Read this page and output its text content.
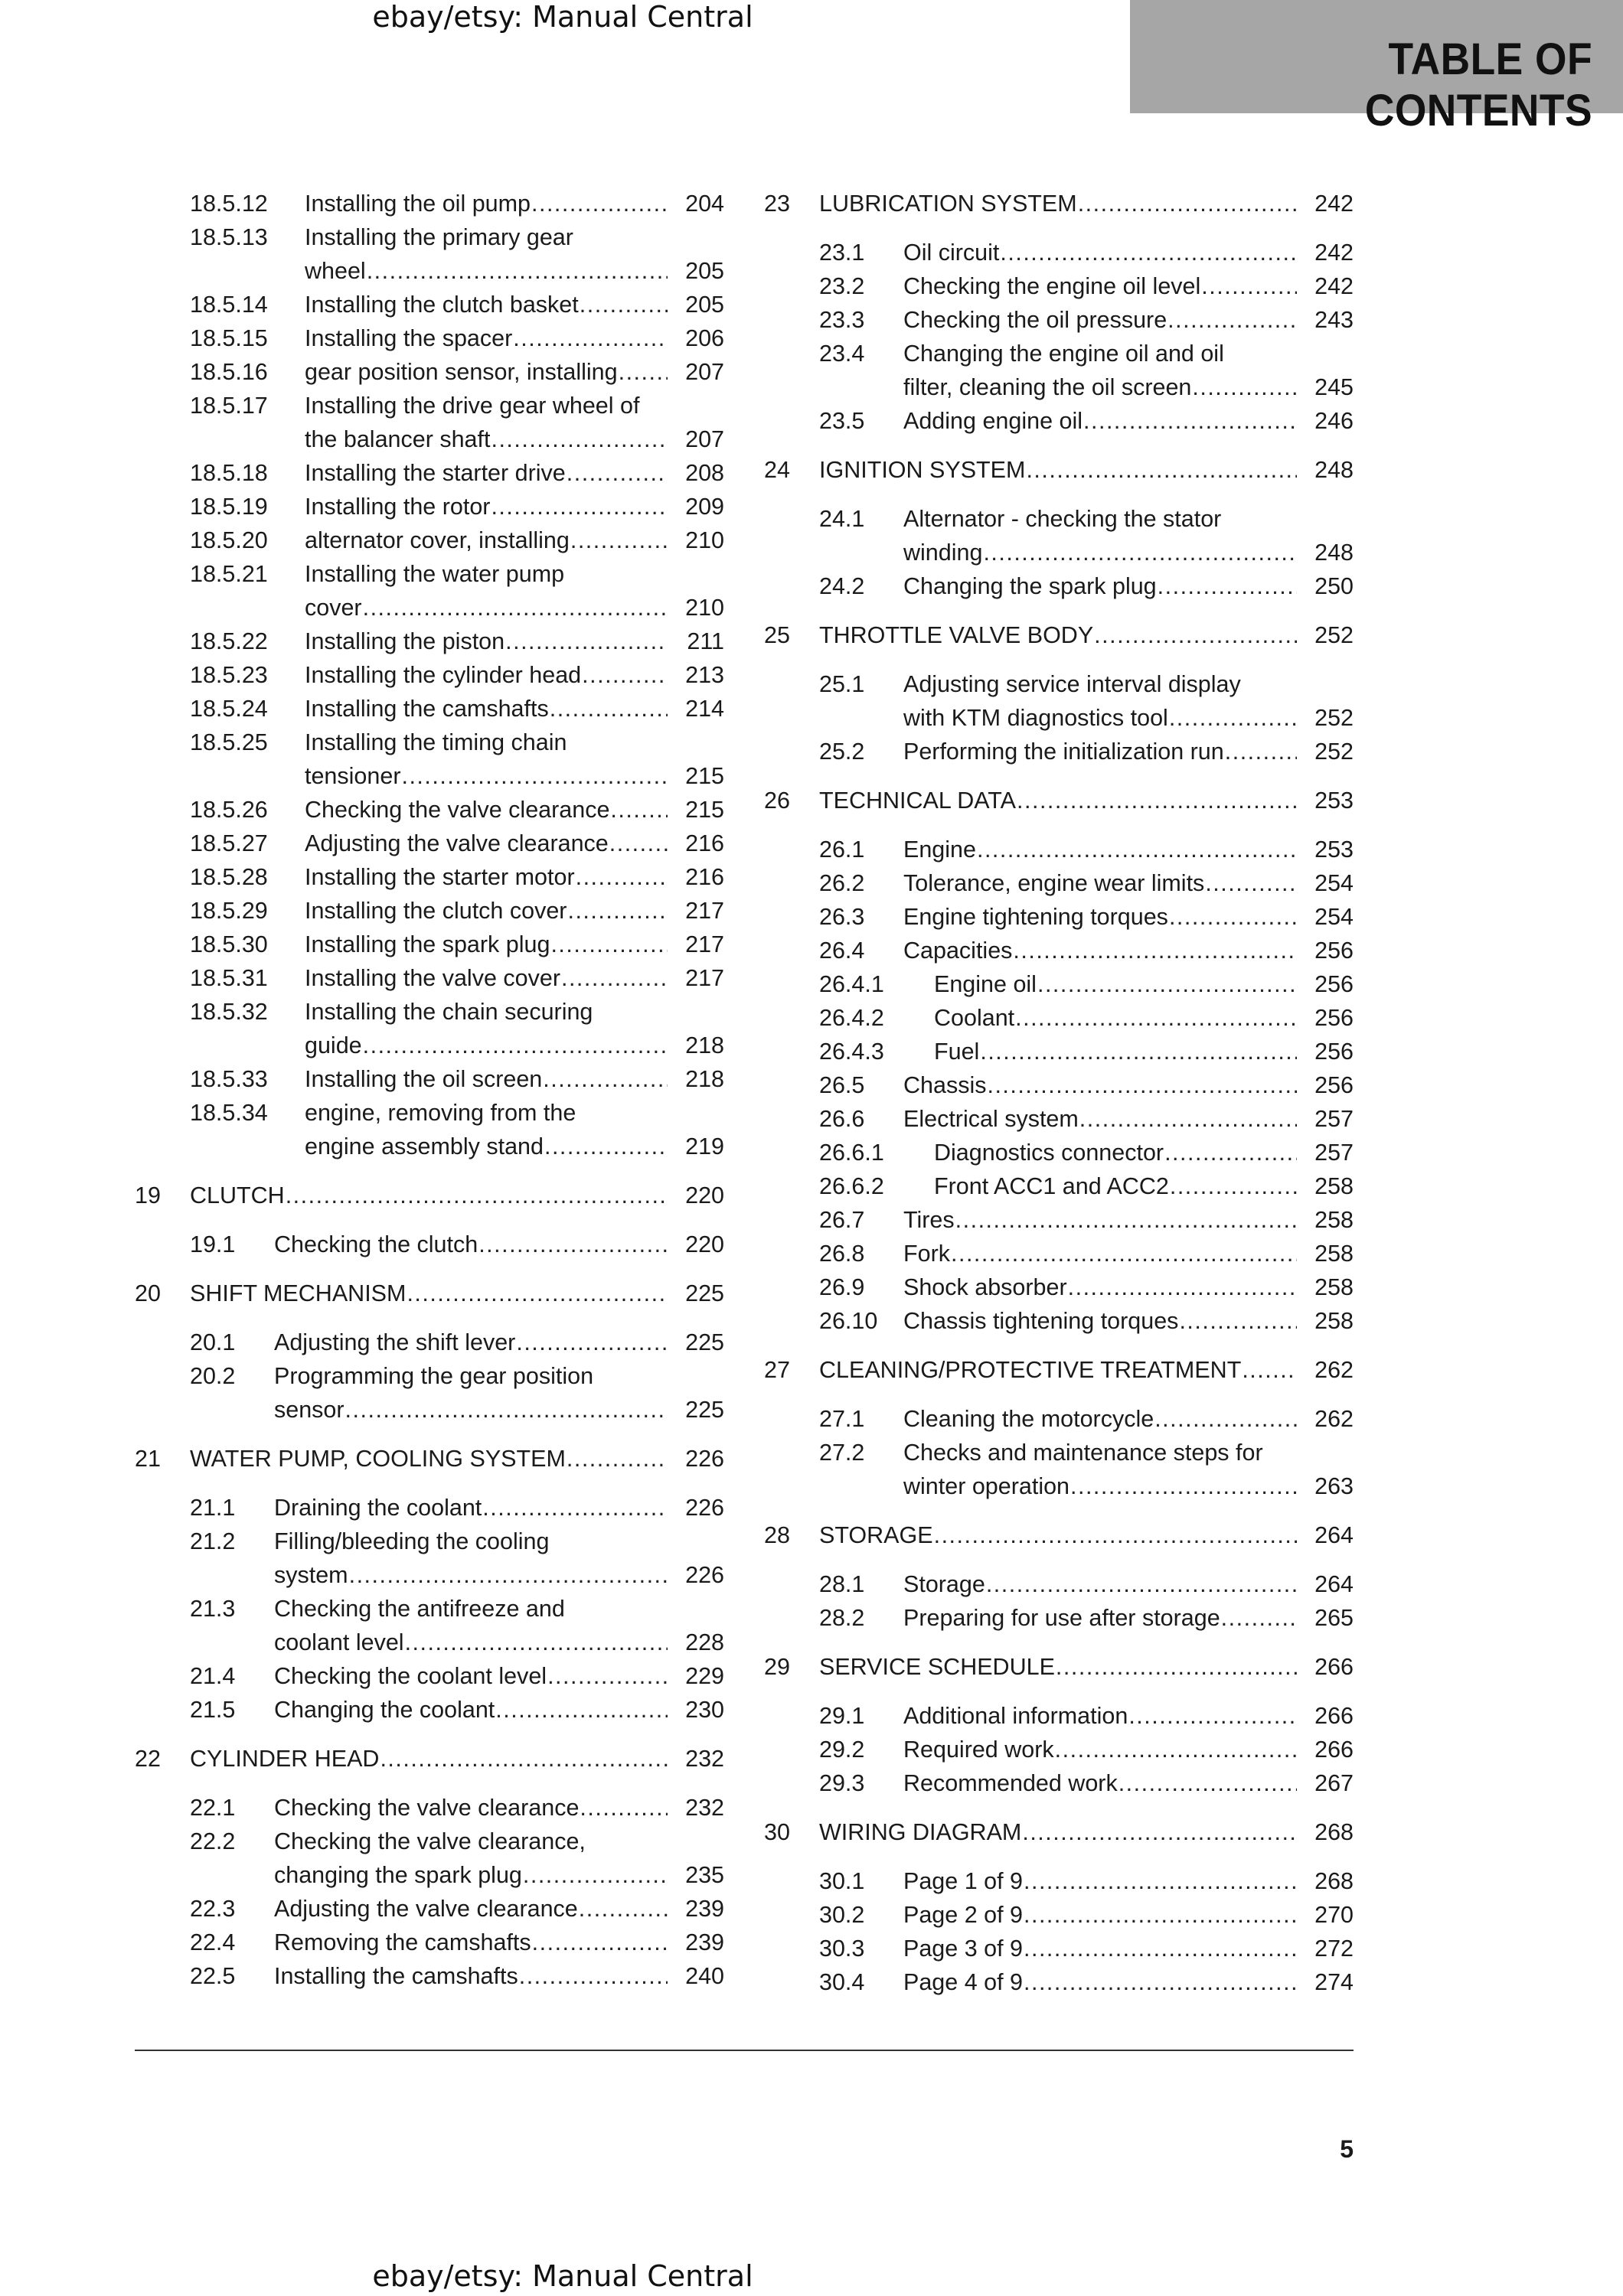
ebay/etsy: Manual Central
TABLE OF CONTENTS
18.5.12 Installing the oil pump .....	204
18.5.13 Installing the primary gear
wheel .....	205
18.5.14 Installing the clutch basket .....	205
18.5.15 Installing the spacer .....	206
18.5.16 gear position sensor, installing .....	207
18.5.17 Installing the drive gear wheel of
the balancer shaft .....	207
18.5.18 Installing the starter drive .....	208
18.5.19 Installing the rotor .....	209
18.5.20 alternator cover, installing .....	210
18.5.21 Installing the water pump
cover .....	210
18.5.22 Installing the piston .....	211
18.5.23 Installing the cylinder head .....	213
18.5.24 Installing the camshafts .....	214
18.5.25 Installing the timing chain
tensioner .....	215
18.5.26 Checking the valve clearance .....	215
18.5.27 Adjusting the valve clearance .....	216
18.5.28 Installing the starter motor .....	216
18.5.29 Installing the clutch cover .....	217
18.5.30 Installing the spark plug .....	217
18.5.31 Installing the valve cover .....	217
18.5.32 Installing the chain securing
guide .....	218
18.5.33 Installing the oil screen .....	218
18.5.34 engine, removing from the
engine assembly stand .....	219
19 CLUTCH .....	220
19.1 Checking the clutch .....	220
20 SHIFT MECHANISM .....	225
20.1 Adjusting the shift lever .....	225
20.2 Programming the gear position
sensor .....	225
21 WATER PUMP, COOLING SYSTEM .....	226
21.1 Draining the coolant .....	226
21.2 Filling/bleeding the cooling
system .....	226
21.3 Checking the antifreeze and
coolant level .....	228
21.4 Checking the coolant level .....	229
21.5 Changing the coolant .....	230
22 CYLINDER HEAD .....	232
22.1 Checking the valve clearance .....	232
22.2 Checking the valve clearance,
changing the spark plug .....	235
22.3 Adjusting the valve clearance .....	239
22.4 Removing the camshafts .....	239
22.5 Installing the camshafts .....	240
23 LUBRICATION SYSTEM .....	242
23.1 Oil circuit .....	242
23.2 Checking the engine oil level .....	242
23.3 Checking the oil pressure .....	243
23.4 Changing the engine oil and oil
filter, cleaning the oil screen .....	245
23.5 Adding engine oil .....	246
24 IGNITION SYSTEM .....	248
24.1 Alternator - checking the stator
winding .....	248
24.2 Changing the spark plug .....	250
25 THROTTLE VALVE BODY .....	252
25.1 Adjusting service interval display
with KTM diagnostics tool .....	252
25.2 Performing the initialization run .....	252
26 TECHNICAL DATA .....	253
26.1 Engine .....	253
26.2 Tolerance, engine wear limits .....	254
26.3 Engine tightening torques .....	254
26.4 Capacities .....	256
26.4.1 Engine oil .....	256
26.4.2 Coolant .....	256
26.4.3 Fuel .....	256
26.5 Chassis .....	256
26.6 Electrical system .....	257
26.6.1 Diagnostics connector .....	257
26.6.2 Front ACC1 and ACC2 .....	258
26.7 Tires .....	258
26.8 Fork .....	258
26.9 Shock absorber .....	258
26.10 Chassis tightening torques .....	258
27 CLEANING/PROTECTIVE TREATMENT .....	262
27.1 Cleaning the motorcycle .....	262
27.2 Checks and maintenance steps for
winter operation .....	263
28 STORAGE .....	264
28.1 Storage .....	264
28.2 Preparing for use after storage .....	265
29 SERVICE SCHEDULE .....	266
29.1 Additional information .....	266
29.2 Required work .....	266
29.3 Recommended work .....	267
30 WIRING DIAGRAM .....	268
30.1 Page 1 of 9 .....	268
30.2 Page 2 of 9 .....	270
30.3 Page 3 of 9 .....	272
30.4 Page 4 of 9 .....	274
5
ebay/etsy: Manual Central
